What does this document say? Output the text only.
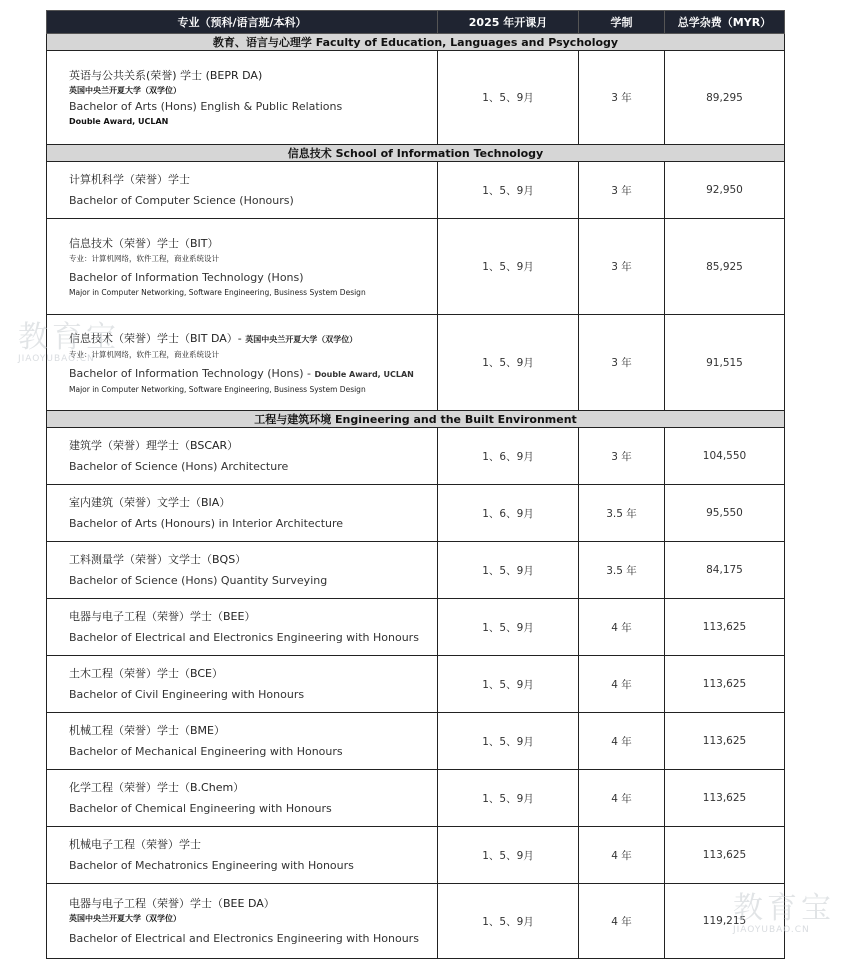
专业（预科/语言班/本科）	2025 年开课月	学制	总学杂费（MYR）
教育、语言与心理学 Faculty of Education, Languages and Psychology			

英语与公共关系(荣誉) 学士 (BEPR DA)
英国中央兰开夏大学（双学位）
Bachelor of Arts (Hons) English & Public Relations
Double Award, UCLAN	1、5、9月	3 年	89,295
信息技术 School of Information Technology			

计算机科学（荣誉）学士
Bachelor of Computer Science (Honours)	1、5、9月	3 年	92,950

信息技术（荣誉）学士（BIT）
专业：计算机网络，软件工程，商业系统设计
Bachelor of Information Technology (Hons)
Major in Computer Networking, Software Engineering, Business System Design	1、5、9月	3 年	85,925

信息技术（荣誉）学士（BIT DA）- 英国中央兰开夏大学（双学位）
专业：计算机网络，软件工程，商业系统设计
Bachelor of Information Technology (Hons) - Double Award, UCLAN
Major in Computer Networking, Software Engineering, Business System Design	1、5、9月	3 年	91,515
工程与建筑环境 Engineering and the Built Environment			

建筑学（荣誉）理学士（BSCAR）
Bachelor of Science (Hons) Architecture	1、6、9月	3 年	104,550

室内建筑（荣誉）文学士（BIA）
Bachelor of Arts (Honours) in Interior Architecture	1、6、9月	3.5 年	95,550

工料测量学（荣誉）文学士（BQS）
Bachelor of Science (Hons) Quantity Surveying	1、5、9月	3.5 年	84,175

电器与电子工程（荣誉）学士（BEE）
Bachelor of Electrical and Electronics Engineering with Honours	1、5、9月	4 年	113,625

土木工程（荣誉）学士（BCE）
Bachelor of Civil Engineering with Honours	1、5、9月	4 年	113,625

机械工程（荣誉）学士（BME）
Bachelor of Mechanical Engineering with Honours	1、5、9月	4 年	113,625

化学工程（荣誉）学士（B.Chem）
Bachelor of Chemical Engineering with Honours	1、5、9月	4 年	113,625

机械电子工程（荣誉）学士
Bachelor of Mechatronics Engineering with Honours	1、5、9月	4 年	113,625

电器与电子工程（荣誉）学士（BEE DA）
英国中央兰开夏大学（双学位）
Bachelor of Electrical and Electronics Engineering with Honours	1、5、9月	4 年	119,215
教育宝
JIAOYUBAO.CN
教育宝
JIAOYUBAO.CN
